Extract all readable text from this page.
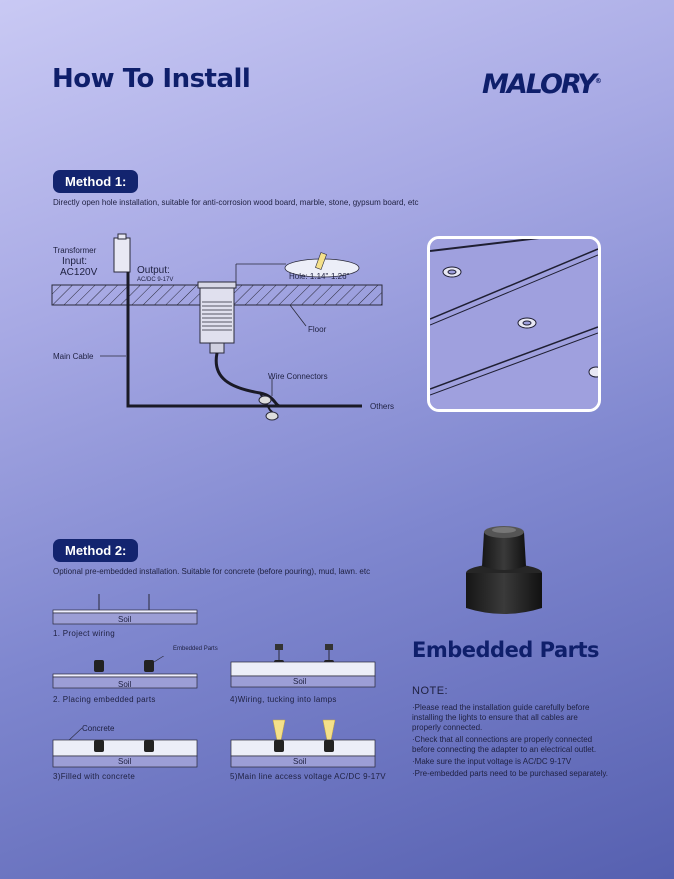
How To Install	MALORY®
Method 1:
Directly open hole installation, suitable for anti-corrosion wood board, marble, stone, gypsum board, etc
Transformer
Input:
AC120V	Output:
AC/DC 9-17V	Hole: 1.14"-1.26"
Floor
Main Cable
Wire Connectors
Others
Method 2:
Optional pre-embedded installation. Suitable for concrete (before pouring), mud, lawn. etc
Soil
1. Project wiring
Embedded Parts
Soil
2. Placing embedded parts
Soil
4)Wiring, tucking into lamps
Concrete
Soil
3)Filled with concrete
Soil
5)Main line access voltage AC/DC 9-17V
Embedded Parts
NOTE:
·Please read the installation guide carefully before
installing the lights to ensure that all cables are
properly connected.
·Check that all connections are properly connected
before connecting the adapter to an electrical outlet.
·Make sure the input voltage is AC/DC 9-17V
·Pre-embedded parts need to be purchased separately.
